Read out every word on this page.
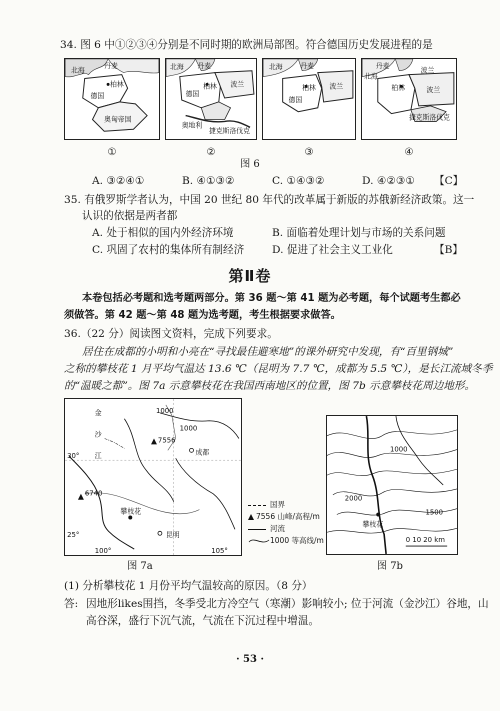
34. 图 6 中①②③④分别是不同时期的欧洲局部图。符合德国历史发展进程的是
丹麦
北海
柏林
德国
奥匈帝国
北海 丹麦
柏林
德国
波兰
奥地利
捷克斯洛伐克
北海	丹麦
柏林
德国
波兰
丹麦
北海
波兰
柏林	波兰
捷克斯洛伐克
①	②	③	④
图 6
A. ③②④①	B. ④①③②	C. ①④③②	D. ④②③① 【C】
35. 有俄罗斯学者认为，中国 20 世纪 80 年代的改革属于新版的苏俄新经济政策。这一
认识的依据是两者都
A. 处于相似的国内外经济环境	B. 面临着处理计划与市场的关系问题
C. 巩固了农村的集体所有制经济	D. 促进了社会主义工业化	【B】
第Ⅱ卷
本卷包括必考题和选考题两部分。第 36 题～第 41 题为必考题，每个试题考生都必
须做答。第 42 题～第 48 题为选考题，考生根据要求做答。
36.（22 分）阅读图文资料，完成下列要求。
居住在成都的小明和小亮在“寻找最佳避寒地”的课外研究中发现，有“百里钢城”
之称的攀枝花 1 月平均气温达 13.6 ℃（昆明为 7.7 ℃，成都为 5.5 ℃），是长江流域冬季
的“温暖之都”。图 7a 示意攀枝花在我国西南地区的位置，图 7b 示意攀枝花周边地形。
金
沙
江	成都
攀枝花
昆明
7556
6740
1000
1000
30°
25°
100°	105°
国界
7556 山峰/高程/m
河流
1000 等高线/m
1000
2000
1500
攀枝花
0 10 20 km
图 7a	图 7b
(1) 分析攀枝花 1 月份平均气温较高的原因。（8 分）
答: 因地形likes围挡，冬季受北方冷空气（寒潮）影响较小; 位于河流（金沙江）谷地，山
高谷深，盛行下沉气流，气流在下沉过程中增温。
· 53 ·
